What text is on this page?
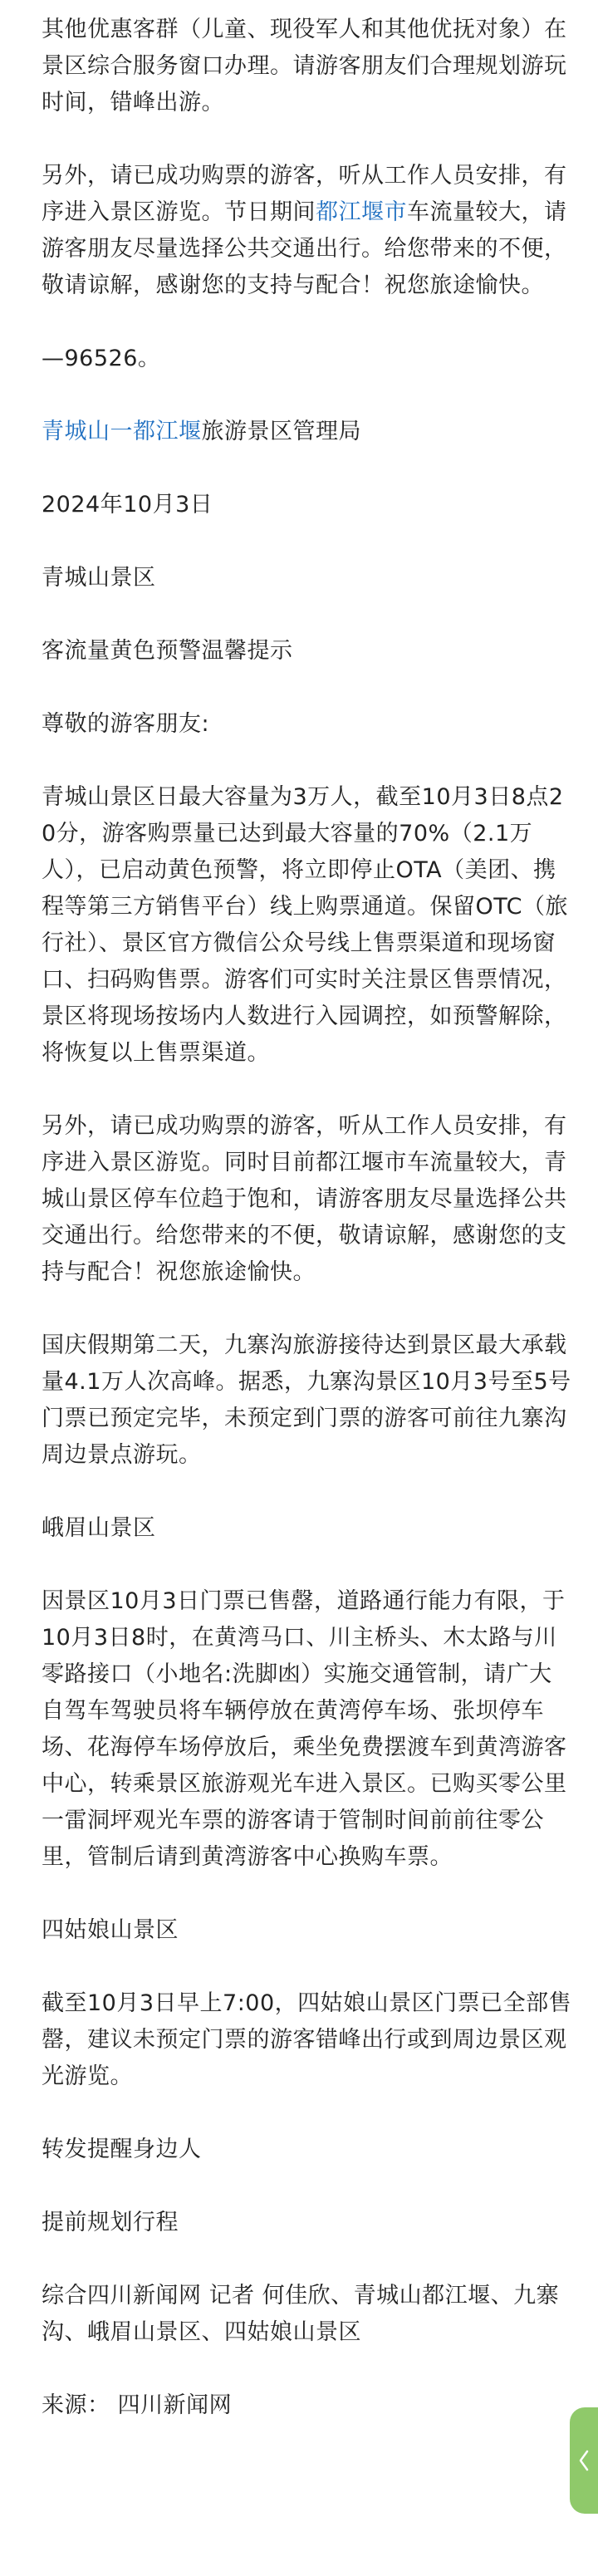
其他优惠客群（儿童、现役军人和其他优抚对象）在景区综合服务窗口办理。请游客朋友们合理规划游玩时间，错峰出游。

另外，请已成功购票的游客，听从工作人员安排，有序进入景区游览。节日期间都江堰市车流量较大，请游客朋友尽量选择公共交通出行。给您带来的不便，敬请谅解，感谢您的支持与配合！祝您旅途愉快。

—96526。

青城山一都江堰旅游景区管理局

2024年10月3日

青城山景区

客流量黄色预警温馨提示

尊敬的游客朋友:

青城山景区日最大容量为3万人，截至10月3日8点20分，游客购票量已达到最大容量的70%（2.1万人），已启动黄色预警，将立即停止OTA（美团、携程等第三方销售平台）线上购票通道。保留OTC（旅行社）、景区官方微信公众号线上售票渠道和现场窗口、扫码购售票。游客们可实时关注景区售票情况，景区将现场按场内人数进行入园调控，如预警解除，将恢复以上售票渠道。

另外，请已成功购票的游客，听从工作人员安排，有序进入景区游览。同时目前都江堰市车流量较大，青城山景区停车位趋于饱和，请游客朋友尽量选择公共交通出行。给您带来的不便，敬请谅解，感谢您的支持与配合！祝您旅途愉快。

国庆假期第二天，九寨沟旅游接待达到景区最大承载量4.1万人次高峰。据悉，九寨沟景区10月3号至5号门票已预定完毕，未预定到门票的游客可前往九寨沟周边景点游玩。

峨眉山景区

因景区10月3日门票已售罄，道路通行能力有限，于10月3日8时，在黄湾马口、川主桥头、木太路与川零路接口（小地名:洗脚凼）实施交通管制，请广大自驾车驾驶员将车辆停放在黄湾停车场、张坝停车场、花海停车场停放后，乘坐免费摆渡车到黄湾游客中心，转乘景区旅游观光车进入景区。已购买零公里一雷洞坪观光车票的游客请于管制时间前前往零公里，管制后请到黄湾游客中心换购车票。

四姑娘山景区

截至10月3日早上7:00，四姑娘山景区门票已全部售罄，建议未预定门票的游客错峰出行或到周边景区观光游览。

转发提醒身边人

提前规划行程

综合四川新闻网 记者 何佳欣、青城山都江堰、九寨沟、峨眉山景区、四姑娘山景区

来源： 四川新闻网
